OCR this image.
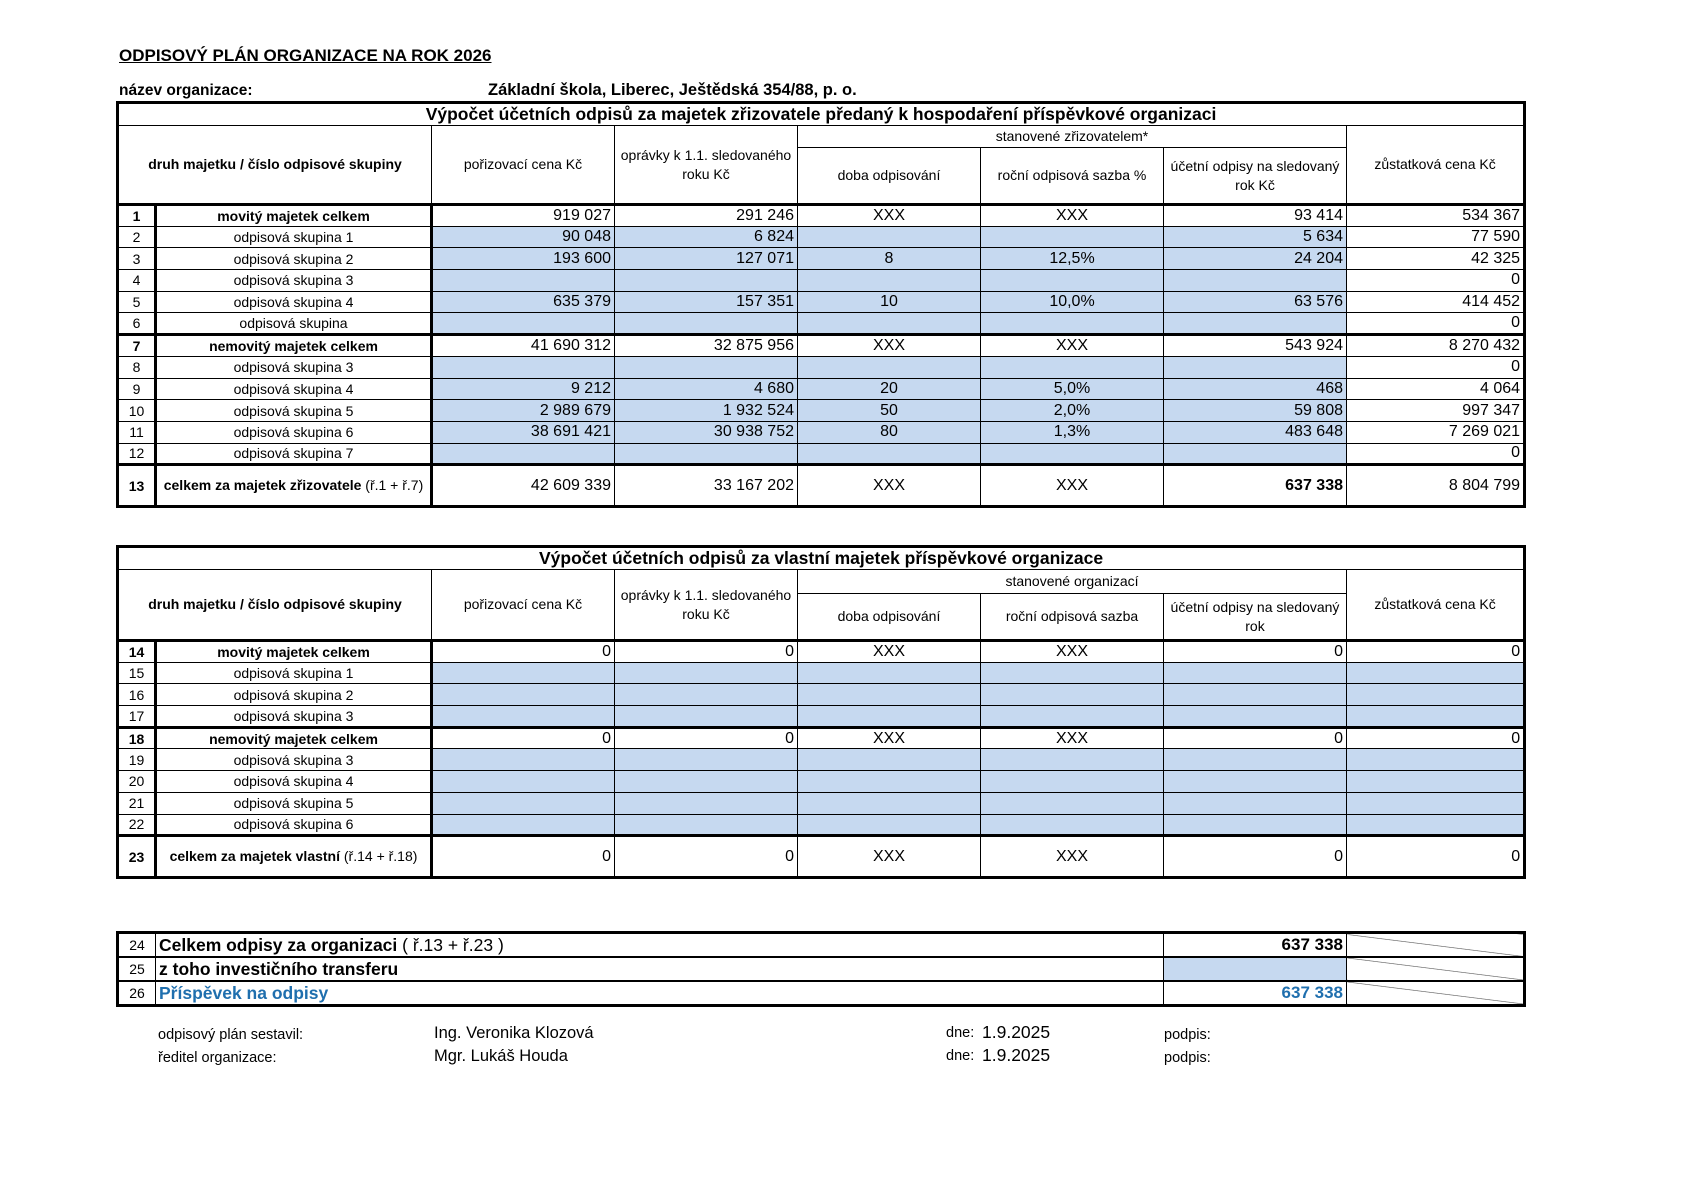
ODPISOVÝ PLÁN ORGANIZACE NA ROK 2026
název organizace:	Základní škola, Liberec, Ještědská 354/88, p. o.
Výpočet účetních odpisů za majetek zřizovatele předaný k hospodaření příspěvkové organizaci							
druh majetku / číslo odpisové skupiny		pořizovací cena Kč	oprávky k 1.1. sledovaného roku Kč	stanovené zřizovatelem*			zůstatková cena Kč
				doba odpisování	roční odpisová sazba %	účetní odpisy na sledovaný rok Kč	
1	movitý majetek celkem	919 027	291 246	XXX	XXX	93 414	534 367
2	odpisová skupina 1	90 048	6 824			5 634	77 590
3	odpisová skupina 2	193 600	127 071	8	12,5%	24 204	42 325
4	odpisová skupina 3						0
5	odpisová skupina 4	635 379	157 351	10	10,0%	63 576	414 452
6	odpisová skupina						0
7	nemovitý majetek celkem	41 690 312	32 875 956	XXX	XXX	543 924	8 270 432
8	odpisová skupina 3						0
9	odpisová skupina 4	9 212	4 680	20	5,0%	468	4 064
10	odpisová skupina 5	2 989 679	1 932 524	50	2,0%	59 808	997 347
11	odpisová skupina 6	38 691 421	30 938 752	80	1,3%	483 648	7 269 021
12	odpisová skupina 7						0
13	celkem za majetek zřizovatele (ř.1 + ř.7)	42 609 339	33 167 202	XXX	XXX	637 338	8 804 799
Výpočet účetních odpisů za vlastní majetek příspěvkové organizace							
druh majetku / číslo odpisové skupiny		pořizovací cena Kč	oprávky k 1.1. sledovaného roku Kč	stanovené organizací			zůstatková cena Kč
				doba odpisování	roční odpisová sazba	účetní odpisy na sledovaný rok	
14	movitý majetek celkem	0	0	XXX	XXX	0	0
15	odpisová skupina 1						
16	odpisová skupina 2						
17	odpisová skupina 3						
18	nemovitý majetek celkem	0	0	XXX	XXX	0	0
19	odpisová skupina 3						
20	odpisová skupina 4						
21	odpisová skupina 5						
22	odpisová skupina 6						
23	celkem za majetek vlastní (ř.14 + ř.18)	0	0	XXX	XXX	0	0
24	Celkem odpisy za organizaci ( ř.13 + ř.23 )	637 338	
25	z toho investičního transferu		
26	Příspěvek na odpisy	637 338	
odpisový plán sestavil:	Ing. Veronika Klozová	dne: 1.9.2025	podpis:
ředitel organizace:	Mgr. Lukáš Houda	dne: 1.9.2025	podpis:
